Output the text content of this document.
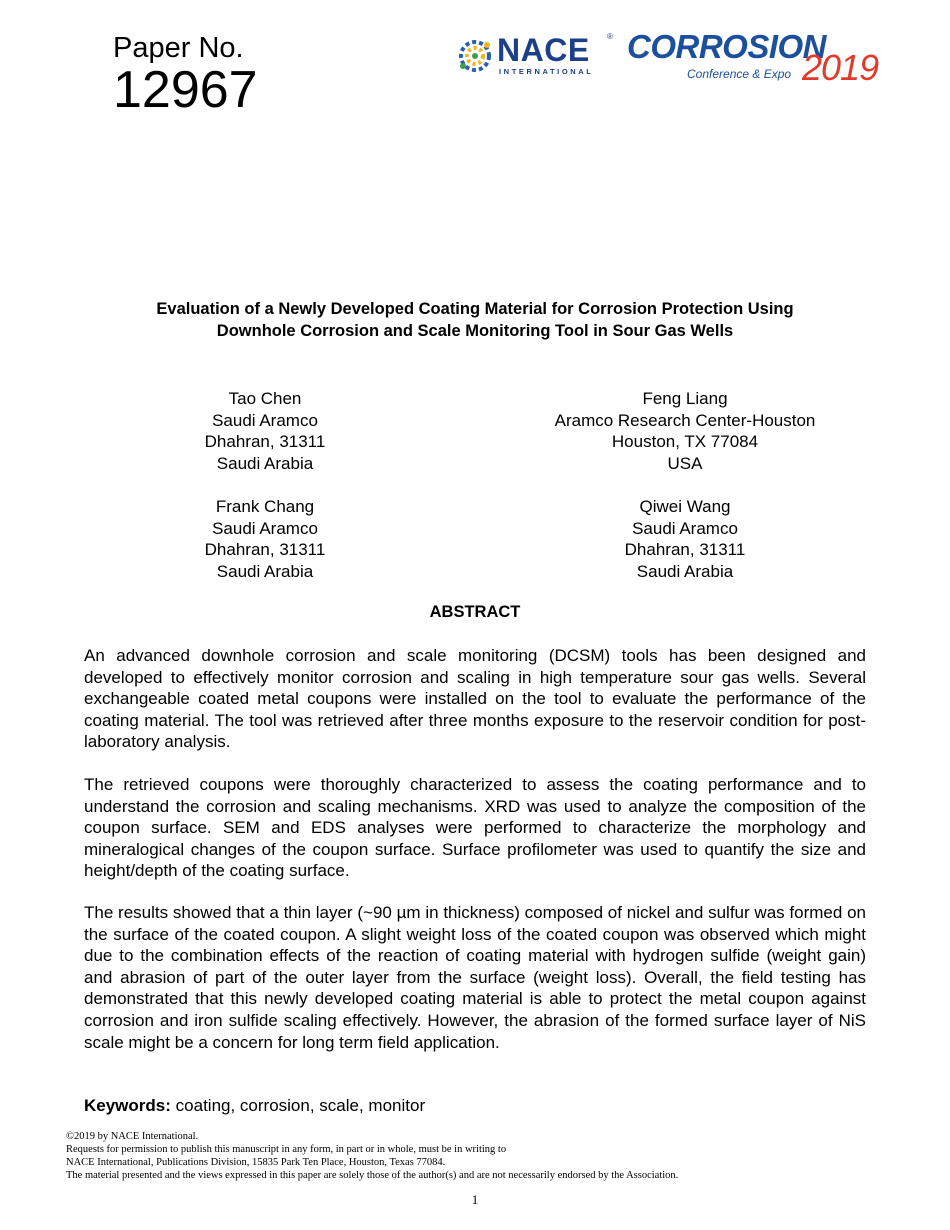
Paper No.
12967
NACE ®
INTERNATIONAL
CORROSION
Conference & Expo 2019
Evaluation of a Newly Developed Coating Material for Corrosion Protection Using
Downhole Corrosion and Scale Monitoring Tool in Sour Gas Wells
Tao Chen
Saudi Aramco
Dhahran, 31311
Saudi Arabia
Feng Liang
Aramco Research Center-Houston
Houston, TX 77084
USA
Frank Chang
Saudi Aramco
Dhahran, 31311
Saudi Arabia
Qiwei Wang
Saudi Aramco
Dhahran, 31311
Saudi Arabia
ABSTRACT

An advanced downhole corrosion and scale monitoring (DCSM) tools has been designed and developed to effectively monitor corrosion and scaling in high temperature sour gas wells. Several exchangeable coated metal coupons were installed on the tool to evaluate the performance of the coating material. The tool was retrieved after three months exposure to the reservoir condition for post-laboratory analysis.

The retrieved coupons were thoroughly characterized to assess the coating performance and to understand the corrosion and scaling mechanisms. XRD was used to analyze the composition of the coupon surface. SEM and EDS analyses were performed to characterize the morphology and mineralogical changes of the coupon surface. Surface profilometer was used to quantify the size and height/depth of the coating surface.

The results showed that a thin layer (~90 µm in thickness) composed of nickel and sulfur was formed on the surface of the coated coupon. A slight weight loss of the coated coupon was observed which might due to the combination effects of the reaction of coating material with hydrogen sulfide (weight gain) and abrasion of part of the outer layer from the surface (weight loss). Overall, the field testing has demonstrated that this newly developed coating material is able to protect the metal coupon against corrosion and iron sulfide scaling effectively. However, the abrasion of the formed surface layer of NiS scale might be a concern for long term field application.

Keywords: coating, corrosion, scale, monitor
©2019 by NACE International.
Requests for permission to publish this manuscript in any form, in part or in whole, must be in writing to
NACE International, Publications Division, 15835 Park Ten Place, Houston, Texas 77084.
The material presented and the views expressed in this paper are solely those of the author(s) and are not necessarily endorsed by the Association.
1
